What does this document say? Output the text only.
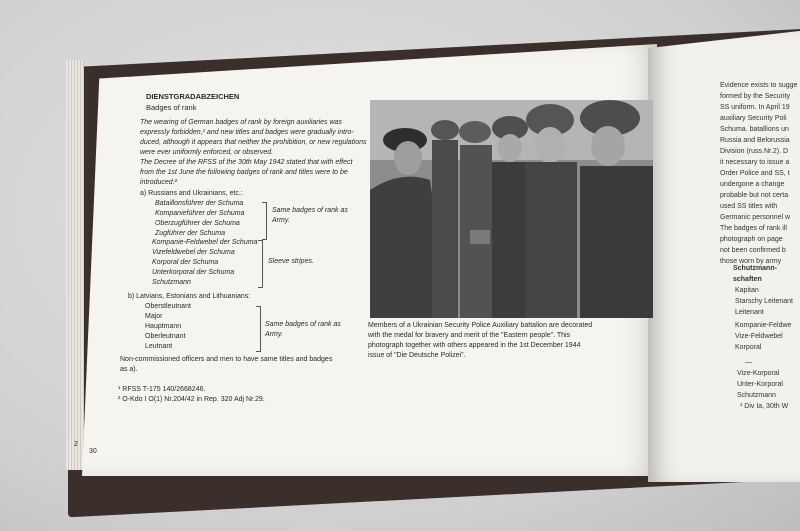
DIENSTGRADABZEICHEN
Badges of rank
The wearing of German badges of rank by foreign auxiliaries was
expressly forbidden,¹ and new titles and badges were gradually intro-
duced, although it appears that neither the prohibition, or new regulations
were ever uniformly enforced, or observed.
The Decree of the RFSS of the 30th May 1942 stated that with effect
from the 1st June the following badges of rank and titles were to be
introduced:²
a) Russians and Ukrainians, etc.:
Bataillonsführer der Schuma
Kompanieführer der Schuma
Oberzugführer der Schuma
Zugführer der Schuma
Same badges of rank as
Army.
Kompanie-Feldwebel der Schuma
Vizefeldwebel der Schuma
Korporal der Schuma
Unterkorporal der Schuma
Schutzmann
Sleeve stripes.
b) Latvians, Estonians and Lithuanians:
Oberstleutnant
Major
Hauptmann
Oberleutnant
Leutnant
Same badges of rank as
Army.
Non-commissioned officers and men to have same titles and badges
as a).
¹ RFSS T-175 140/2668246.
² O-Kdo I O(1) Nr.204/42 in Rep. 320 Adj Nr.29.
2
30
Members of a Ukrainian Security Police Auxiliary battalion are decorated
with the medal for bravery and merit of the "Eastern people". This
photograph together with others appeared in the 1st December 1944
issue of "Die Deutsche Polizei".
Evidence exists to sugge
formed by the Security
SS uniform. In April 19
auxiliary Security Poli
Schuma. batallions un
Russia and Belorussia
Division (russ.Nr.2). D
it necessary to issue a
Order Police and SS, t
undergone a change
probable but not certa
used SS titles with
Germanic personnel w
The badges of rank ill
photograph on page
not been confirmed b
those worn by army
Schutzmann-
schaften
Kapitan
Starschy Leitenant
Leitenant
Kompanie-Feldwe
Vize-Feldwebel
Korporal
—
Vize-Korporal
Unter-Korporal
Schutzmann
¹ Div Ia, 30th W
